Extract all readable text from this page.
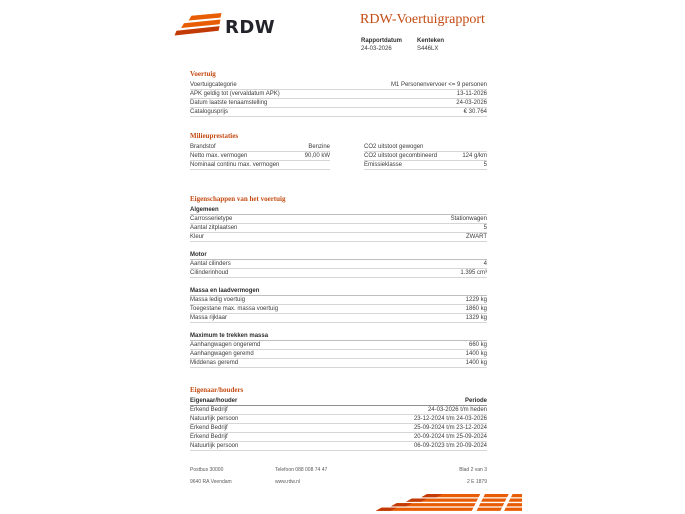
RDW	RDW-Voertuigrapport
Rapportdatum
24-03-2026
Kenteken
S446LX
Voertuig
Voertuigcategorie	M1 Personenvervoer <= 9 personen
APK geldig tot (vervaldatum APK)	13-11-2026
Datum laatste tenaamstelling	24-03-2026
Catalogusprijs	€ 30.764
Milieuprestaties
Brandstof	Benzine
Netto max. vermogen	90,00 kW
Nominaal continu max. vermogen
CO2 uitstoot gewogen
CO2 uitstoot gecombineerd	124 g/km
Emissieklasse	5
Eigenschappen van het voertuig
Algemeen
Carrosserietype	Stationwagen
Aantal zitplaatsen	5
Kleur	ZWART
Motor
Aantal cilinders	4
Cilinderinhoud	1.395 cm³
Massa en laadvermogen
Massa ledig voertuig	1229 kg
Toegestane max. massa voertuig	1860 kg
Massa rijklaar	1329 kg
Maximum te trekken massa
Aanhangwagen ongeremd	660 kg
Aanhangwagen geremd	1400 kg
Middenas geremd	1400 kg
Eigenaar/houders
Eigenaar/houder	Periode
Erkend Bedrijf	24-03-2026 t/m heden
Natuurlijk persoon	23-12-2024 t/m 24-03-2026
Erkend Bedrijf	25-09-2024 t/m 23-12-2024
Erkend Bedrijf	20-09-2024 t/m 25-09-2024
Natuurlijk persoon	06-09-2023 t/m 20-09-2024
Postbus 30000	Telefoon 088 008 74 47	Blad 2 van 3
9640 RA Veendam	www.rdw.nl	2 E 1879
